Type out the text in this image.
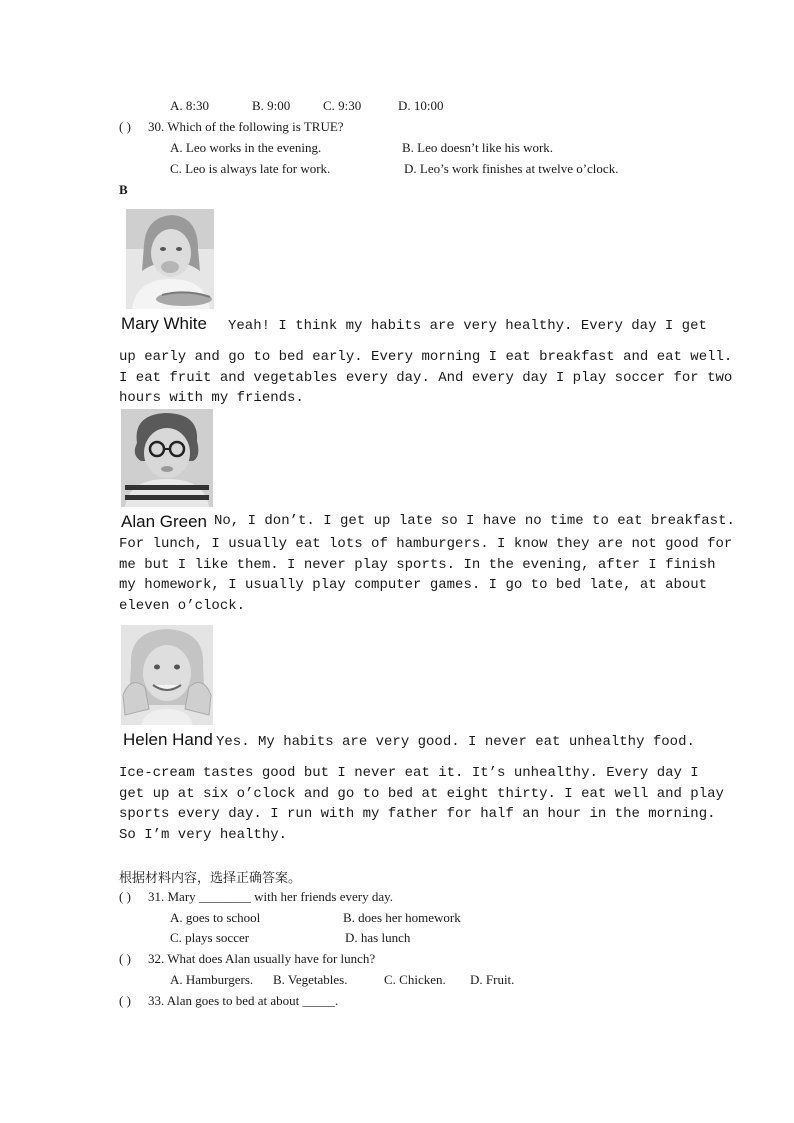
A. 8:30	B. 9:00	C. 9:30	D. 10:00
( ) 30. Which of the following is TRUE?
A. Leo works in the evening.	B. Leo doesn’t like his work.
C. Leo is always late for work.	D. Leo’s work finishes at twelve o’clock.
B
Mary White Yeah! I think my habits are very healthy. Every day I get
up early and go to bed early. Every morning I eat breakfast and eat well.
I eat fruit and vegetables every day. And every day I play soccer for two
hours with my friends.
Alan Green No, I don’t. I get up late so I have no time to eat breakfast.
For lunch, I usually eat lots of hamburgers. I know they are not good for
me but I like them. I never play sports. In the evening, after I finish
my homework, I usually play computer games. I go to bed late, at about
eleven o’clock.
Helen Hand Yes. My habits are very good. I never eat unhealthy food.
Ice-cream tastes good but I never eat it. It’s unhealthy. Every day I
get up at six o’clock and go to bed at eight thirty. I eat well and play
sports every day. I run with my father for half an hour in the morning.
So I’m very healthy.
根据材料内容，选择正确答案。
( ) 31. Mary ________ with her friends every day.
A. goes to school	B. does her homework
C. plays soccer	D. has lunch
( ) 32. What does Alan usually have for lunch?
A. Hamburgers. B. Vegetables.	C. Chicken. D. Fruit.
( ) 33. Alan goes to bed at about _____.
